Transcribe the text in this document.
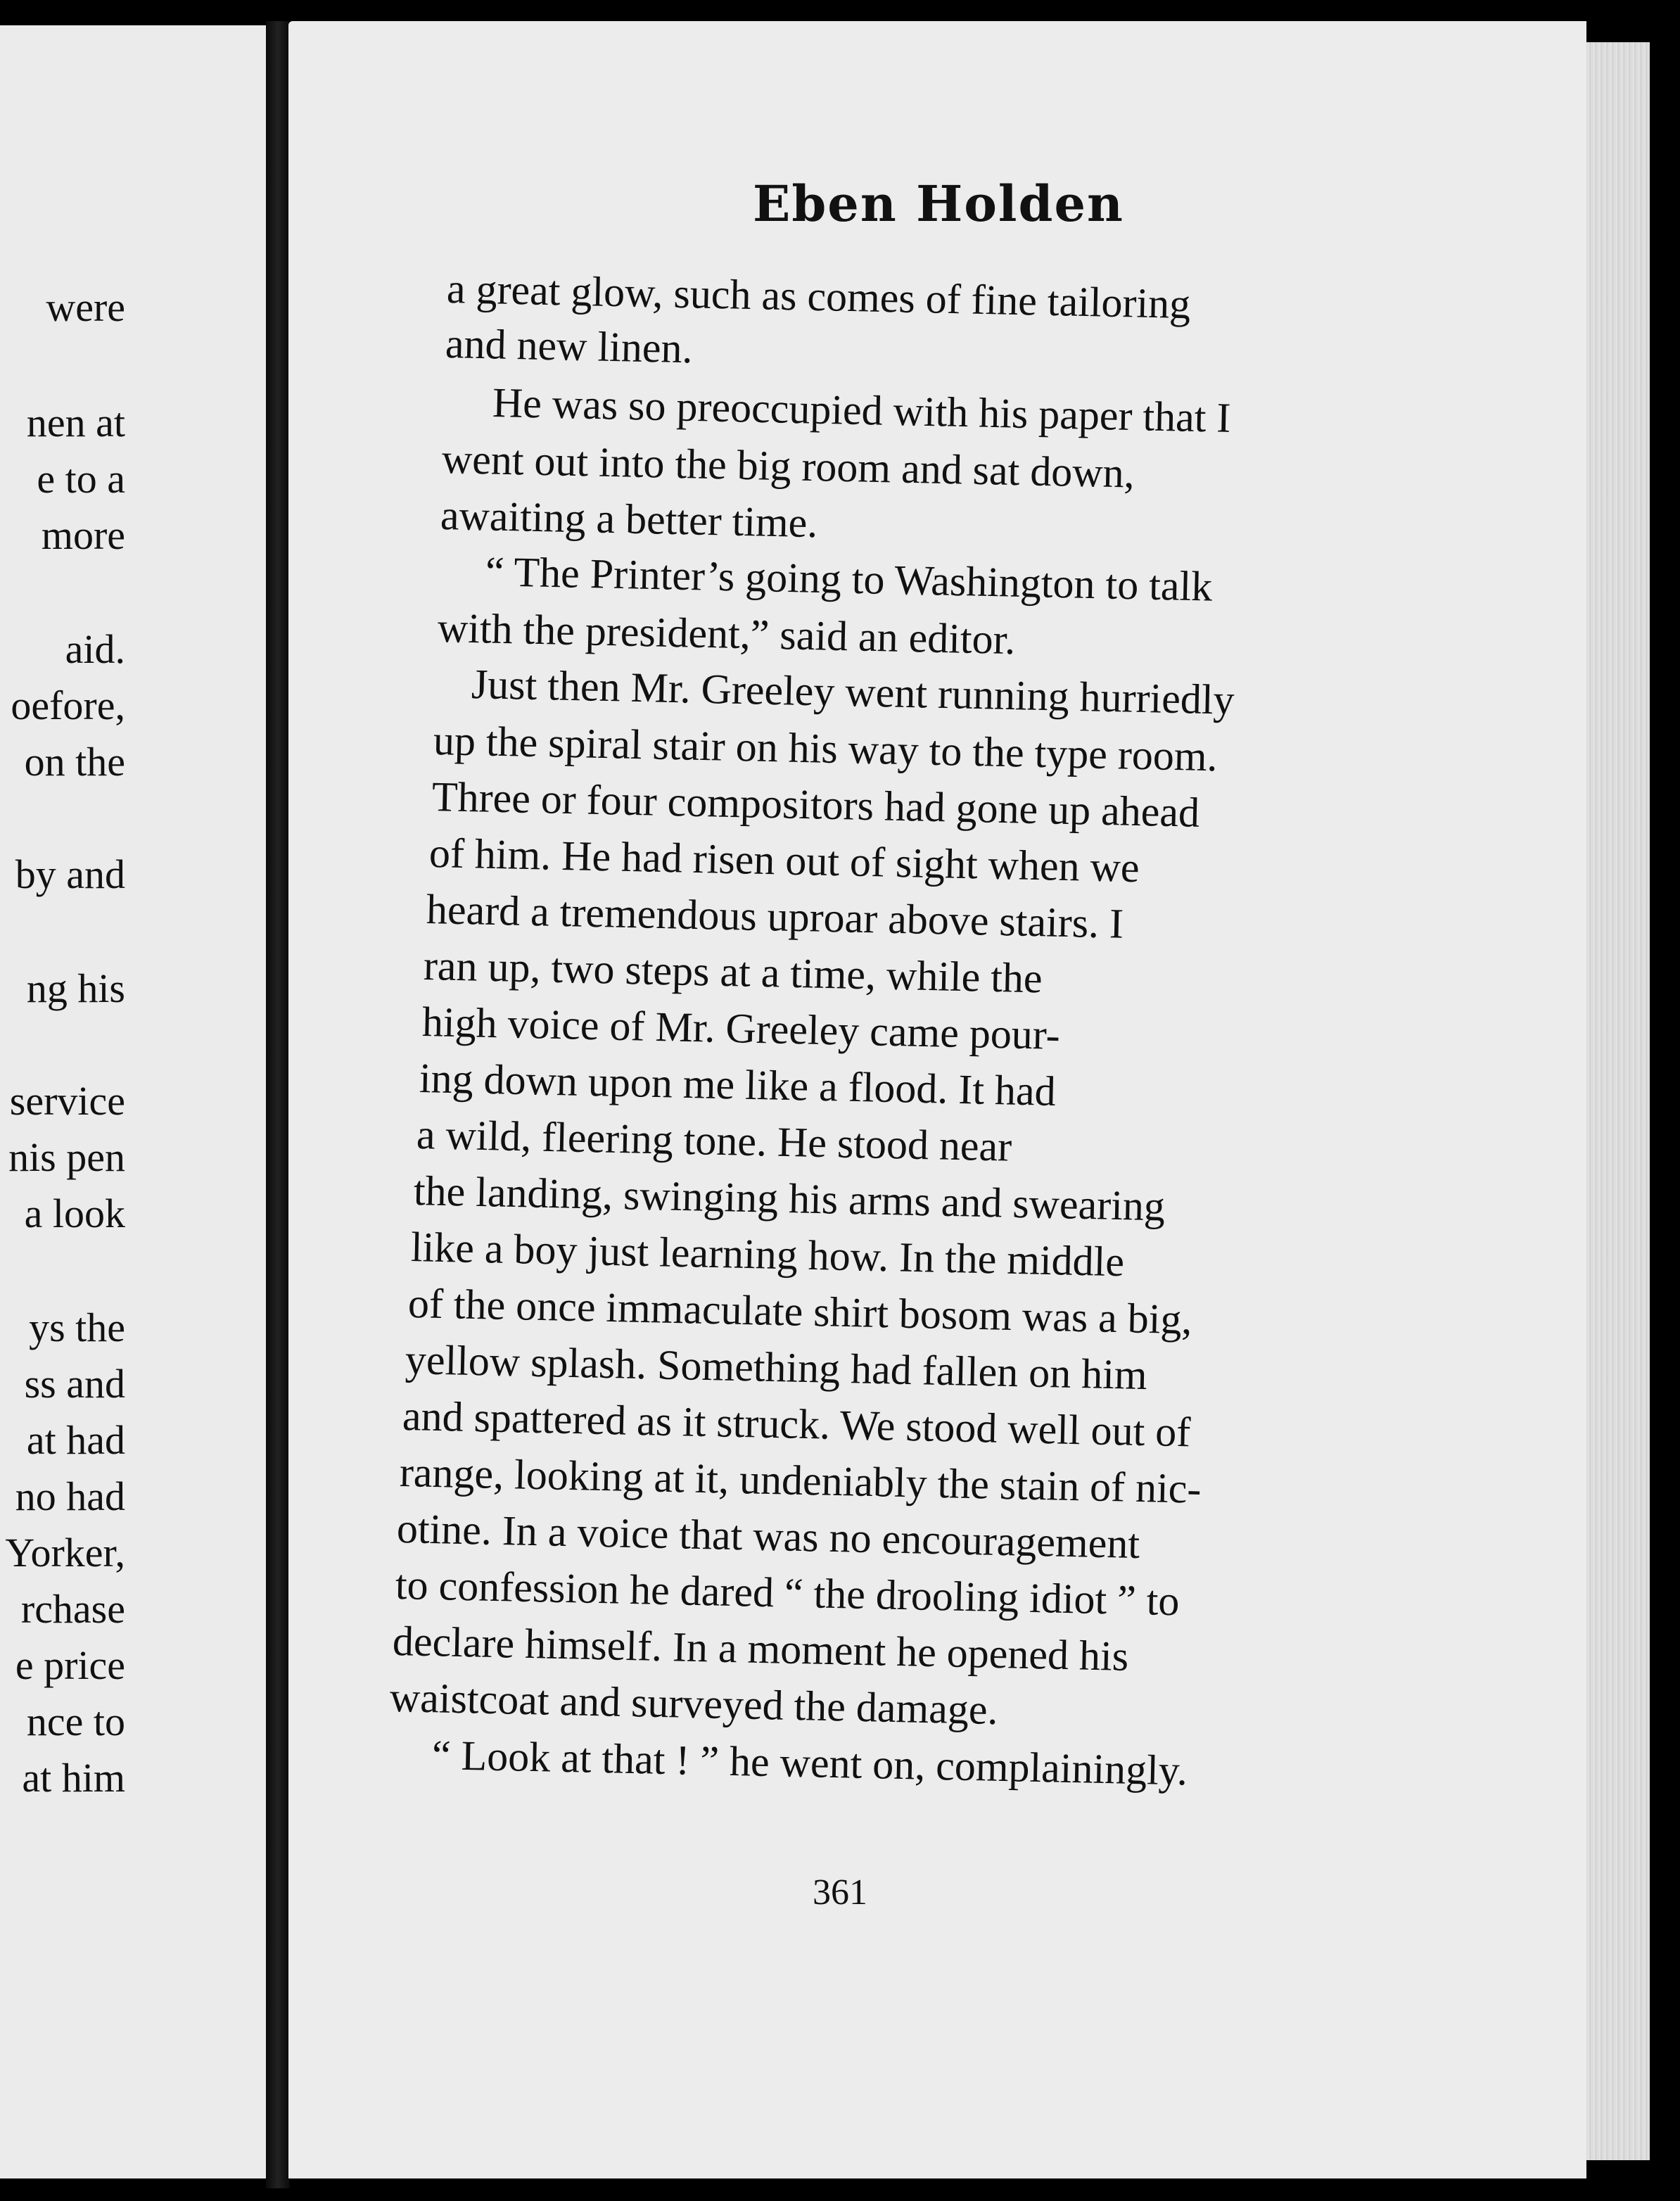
were
nen at
e to a
more
aid.
oefore,
on the
by and
ng his
service
nis pen
a look
ys the
ss and
at had
no had
Yorker,
rchase
e price
nce to
at him
Eben Holden
a great glow, such as comes of fine tailoring
and new linen.
He was so preoccupied with his paper that I
went out into the big room and sat down,
awaiting a better time.
“ The Printer’s going to Washington to talk
with the president,” said an editor.
Just then Mr. Greeley went running hurriedly
up the spiral stair on his way to the type room.
Three or four compositors had gone up ahead
of him. He had risen out of sight when we
heard a tremendous uproar above stairs. I
ran up, two steps at a time, while the
high voice of Mr. Greeley came pour-
ing down upon me like a flood. It had
a wild, fleering tone. He stood near
the landing, swinging his arms and swearing
like a boy just learning how. In the middle
of the once immaculate shirt bosom was a big,
yellow splash. Something had fallen on him
and spattered as it struck. We stood well out of
range, looking at it, undeniably the stain of nic-
otine. In a voice that was no encouragement
to confession he dared “ the drooling idiot ” to
declare himself. In a moment he opened his
waistcoat and surveyed the damage.
“ Look at that ! ” he went on, complainingly.
361
